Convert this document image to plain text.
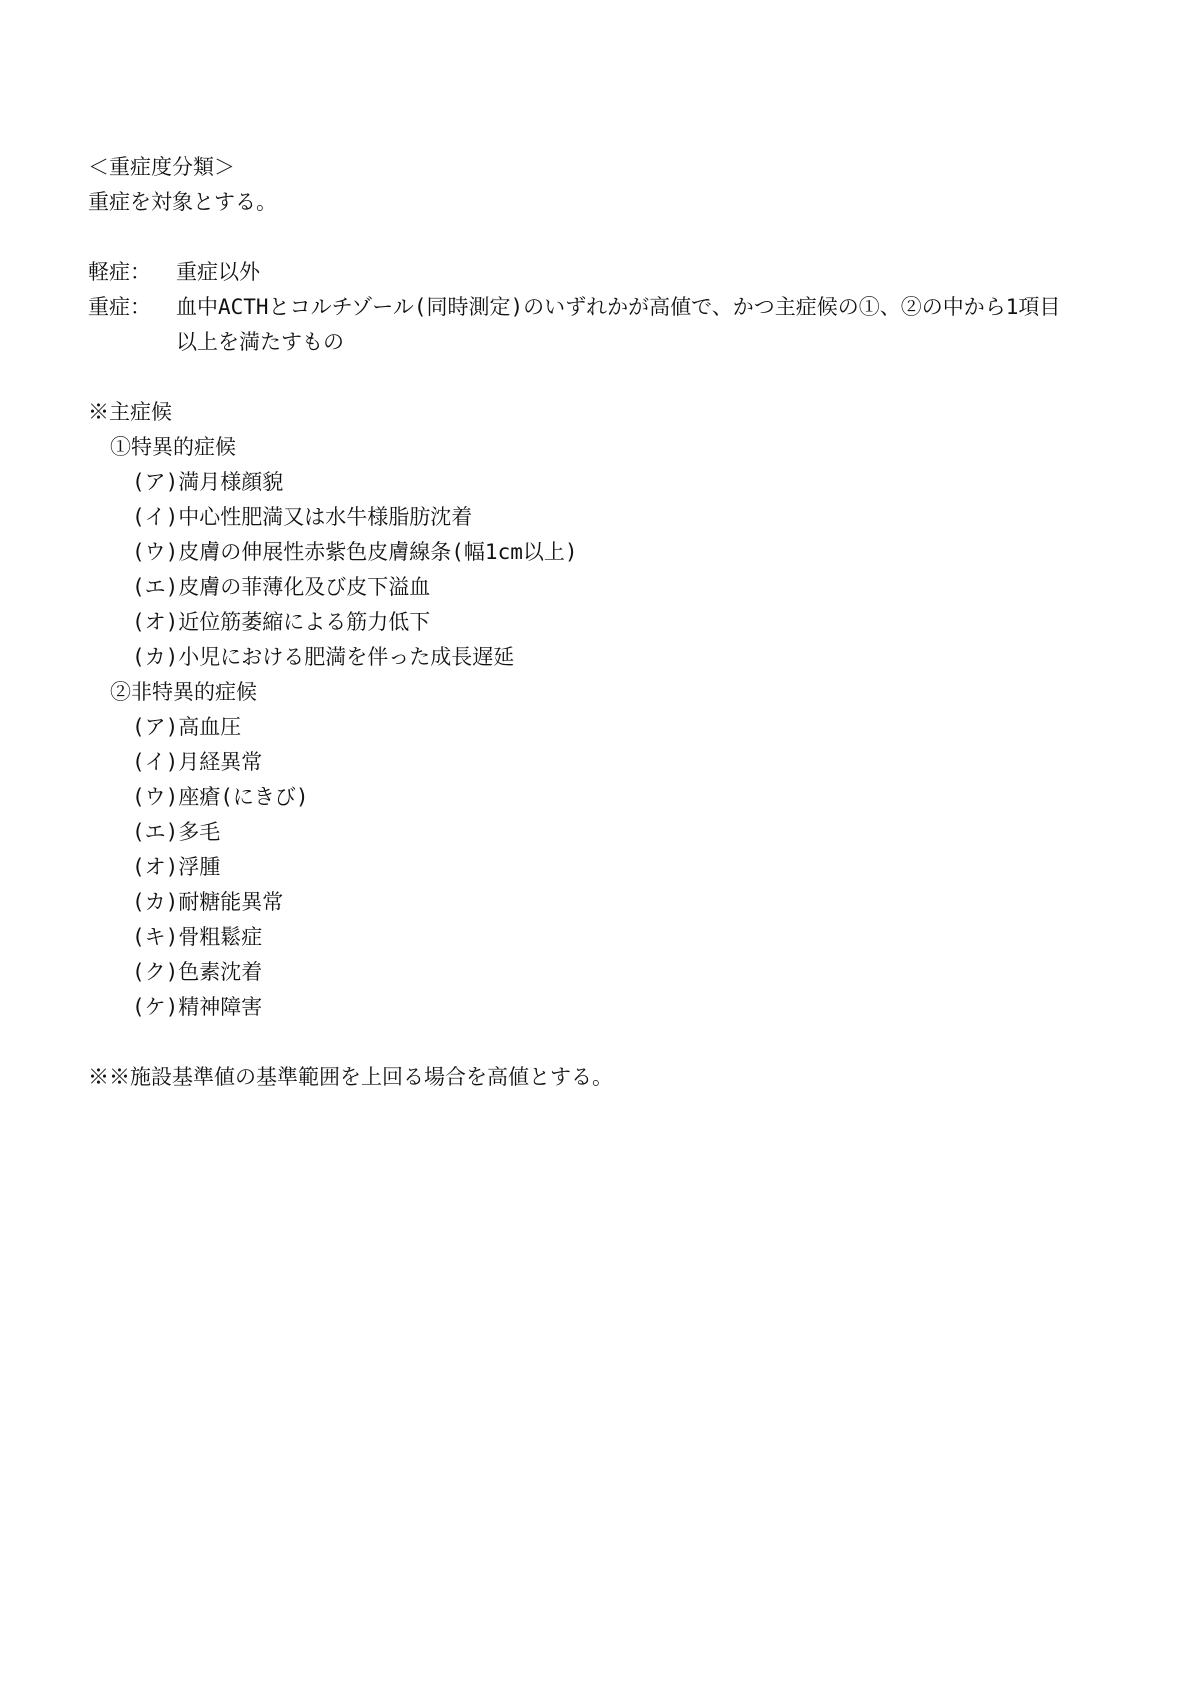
＜重症度分類＞
重症を対象とする。
軽症：	重症以外
重症：	血中ACTHとコルチゾール(同時測定)のいずれかが高値で、かつ主症候の①、②の中から1項目
以上を満たすもの
※主症候
①特異的症候
(ア)満月様顔貌
(イ)中心性肥満又は水牛様脂肪沈着
(ウ)皮膚の伸展性赤紫色皮膚線条(幅1cm以上)
(エ)皮膚の菲薄化及び皮下溢血
(オ)近位筋萎縮による筋力低下
(カ)小児における肥満を伴った成長遅延
②非特異的症候
(ア)高血圧
(イ)月経異常
(ウ)座瘡(にきび)
(エ)多毛
(オ)浮腫
(カ)耐糖能異常
(キ)骨粗鬆症
(ク)色素沈着
(ケ)精神障害
※※施設基準値の基準範囲を上回る場合を高値とする。
